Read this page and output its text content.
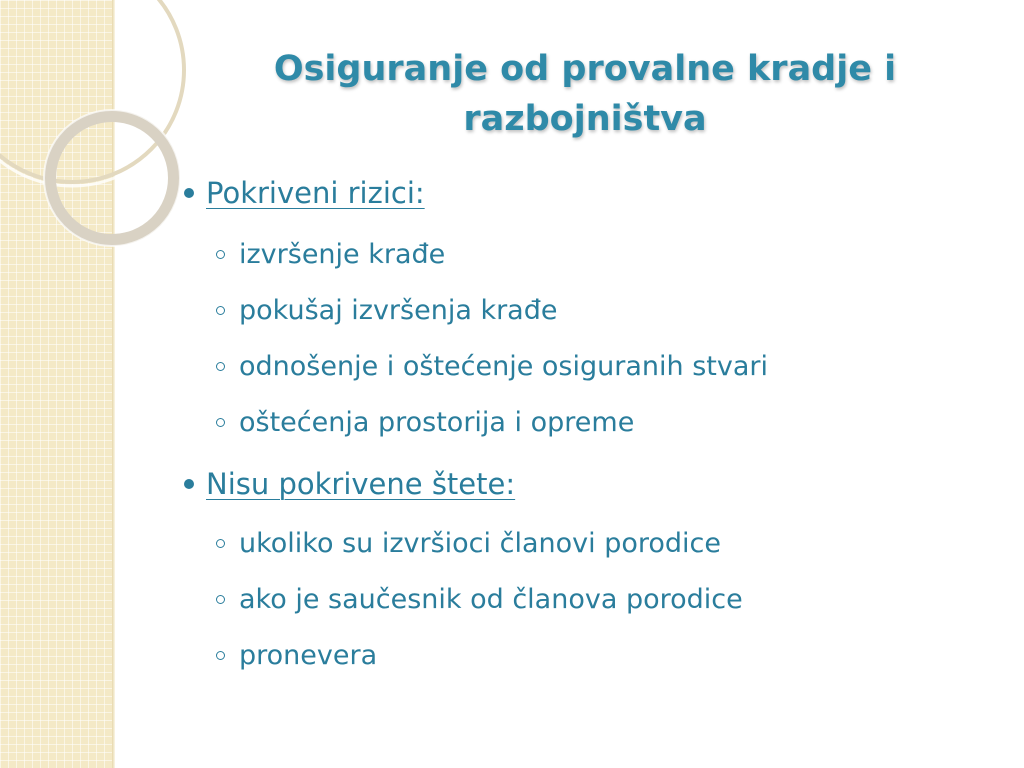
Osiguranje od provalne kradje i razbojništva
Pokriveni rizici:
izvršenje krađe
pokušaj izvršenja krađe
odnošenje i oštećenje osiguranih stvari
oštećenja prostorija i opreme
Nisu pokrivene štete:
ukoliko su izvršioci članovi porodice
ako je saučesnik od članova porodice
pronevera
